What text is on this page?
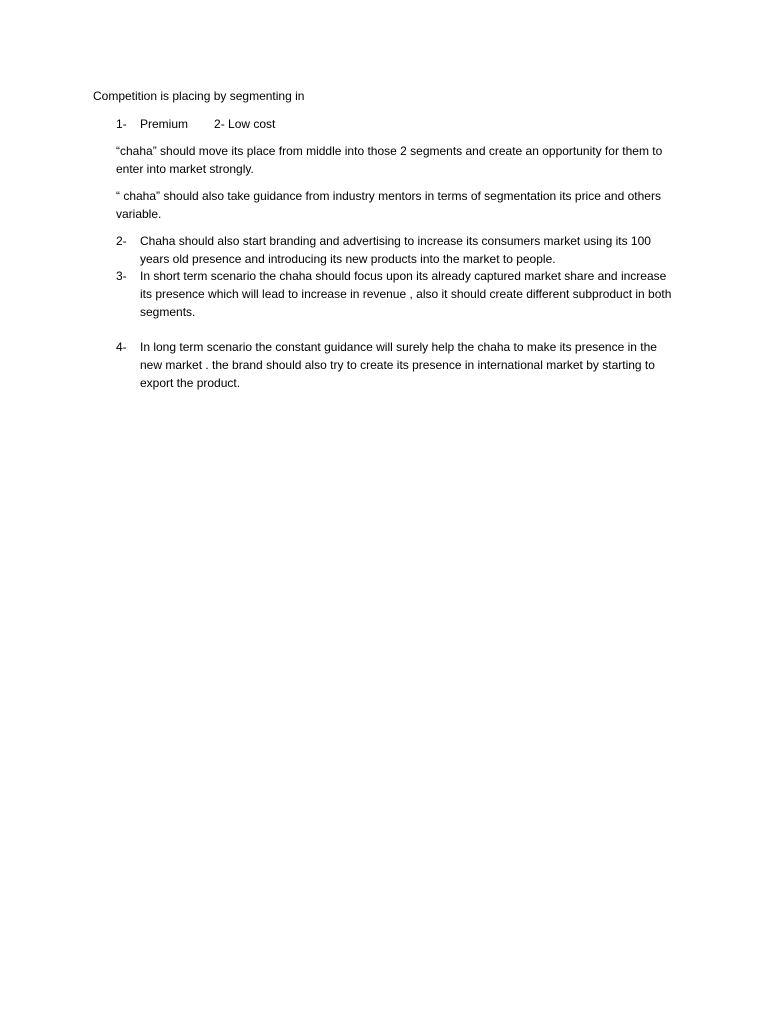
Competition is placing by segmenting in
1-	Premium 2- Low cost
“chaha” should move its place from middle into those 2 segments and create an opportunity for them to enter into market strongly.
“ chaha” should also take guidance from industry mentors in terms of segmentation its price and others variable.
2-	Chaha should also start branding and advertising to increase its consumers market using its 100 years old presence and introducing its new products into the market to people.
3-	In short term scenario the chaha should focus upon its already captured market share and increase its presence which will lead to increase in revenue , also it should create different subproduct in both segments.
4-	In long term scenario the constant guidance will surely help the chaha to make its presence in the new market . the brand should also try to create its presence in international market by starting to export the product.
